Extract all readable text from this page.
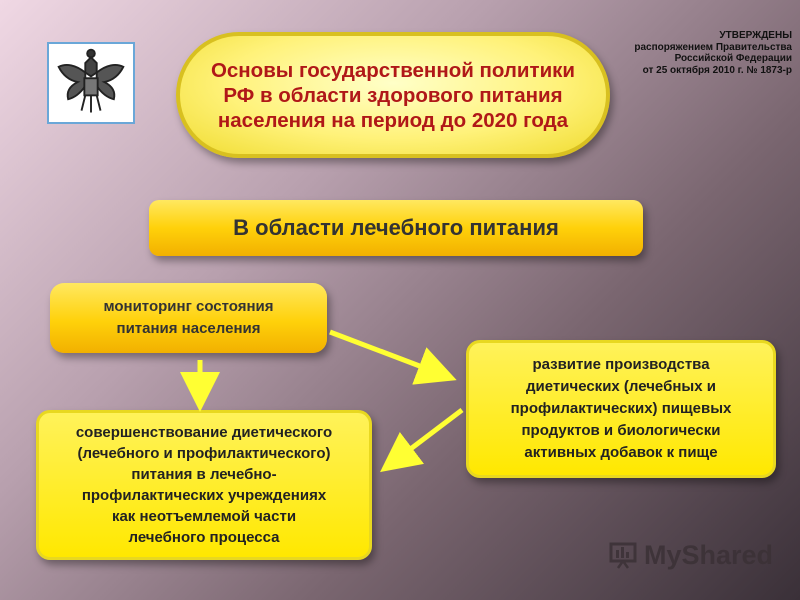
УТВЕРЖДЕНЫ
распоряжением Правительства
Российской Федерации
от 25 октября 2010 г. № 1873-р
Основы государственной политики
РФ в области здорового питания
населения на период до 2020 года
В области лечебного питания
мониторинг состояния
питания населения
развитие производства
диетических (лечебных и
профилактических) пищевых
продуктов и биологически
активных добавок к пище
совершенствование диетического
(лечебного и профилактического)
питания в лечебно-
профилактических учреждениях
как неотъемлемой части
лечебного процесса
My Shared
